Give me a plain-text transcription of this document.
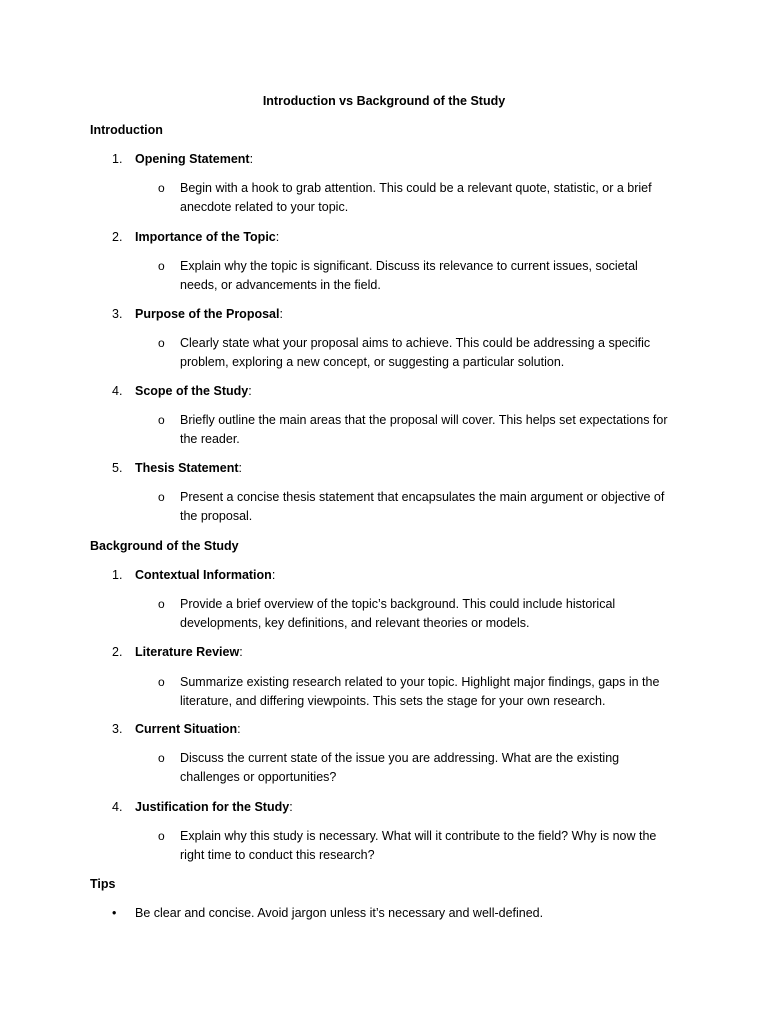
Introduction vs Background of the Study
Introduction
1. Opening Statement:
o	Begin with a hook to grab attention. This could be a relevant quote, statistic, or a brief anecdote related to your topic.
2. Importance of the Topic:
o	Explain why the topic is significant. Discuss its relevance to current issues, societal needs, or advancements in the field.
3. Purpose of the Proposal:
o	Clearly state what your proposal aims to achieve. This could be addressing a specific problem, exploring a new concept, or suggesting a particular solution.
4. Scope of the Study:
o	Briefly outline the main areas that the proposal will cover. This helps set expectations for the reader.
5. Thesis Statement:
o	Present a concise thesis statement that encapsulates the main argument or objective of the proposal.
Background of the Study
1. Contextual Information:
o	Provide a brief overview of the topic’s background. This could include historical developments, key definitions, and relevant theories or models.
2. Literature Review:
o	Summarize existing research related to your topic. Highlight major findings, gaps in the literature, and differing viewpoints. This sets the stage for your own research.
3. Current Situation:
o	Discuss the current state of the issue you are addressing. What are the existing challenges or opportunities?
4. Justification for the Study:
o	Explain why this study is necessary. What will it contribute to the field? Why is now the right time to conduct this research?
Tips
• Be clear and concise. Avoid jargon unless it’s necessary and well-defined.
